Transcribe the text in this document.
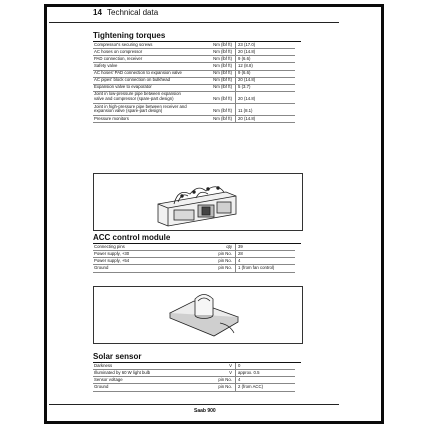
14 Technical data
Tightening torques
Compressor's securing screws	Nm (lbf ft)	23 (17.0)
AC hoses on compressor	Nm (lbf ft)	20 (14.8)
PAD connection, receiver	Nm (lbf ft)	9 (6.6)
Safety valve	Nm (lbf ft)	12 (8.8)
AC hoses' PAD connection to expansion valve	Nm (lbf ft)	9 (6.6)
AC pipes' block connection on bulkhead	Nm (lbf ft)	20 (14.8)
Expansion valve to evaporator	Nm (lbf ft)	5 (3.7)
Joint in low-pressure pipe between expansion valve and compressor (spare-part design)	Nm (lbf ft)	20 (14.8)
Joint in high-pressure pipe between receiver and expansion valve (spare-part design)	Nm (lbf ft)	11 (8.1)
Pressure monitors	Nm (lbf ft)	20 (14.8)
ACC control module
Connecting pins	qty	39
Power supply, +30	pin No.	28
Power supply, +54	pin No.	4
Ground	pin No.	1 (from fan control)
Solar sensor
Darkness	V	0
Illuminated by 60 W light bulb	V	approx. 0.5
Sensor voltage	pin No.	4
Ground	pin No.	2 (from ACC)
Saab 900
